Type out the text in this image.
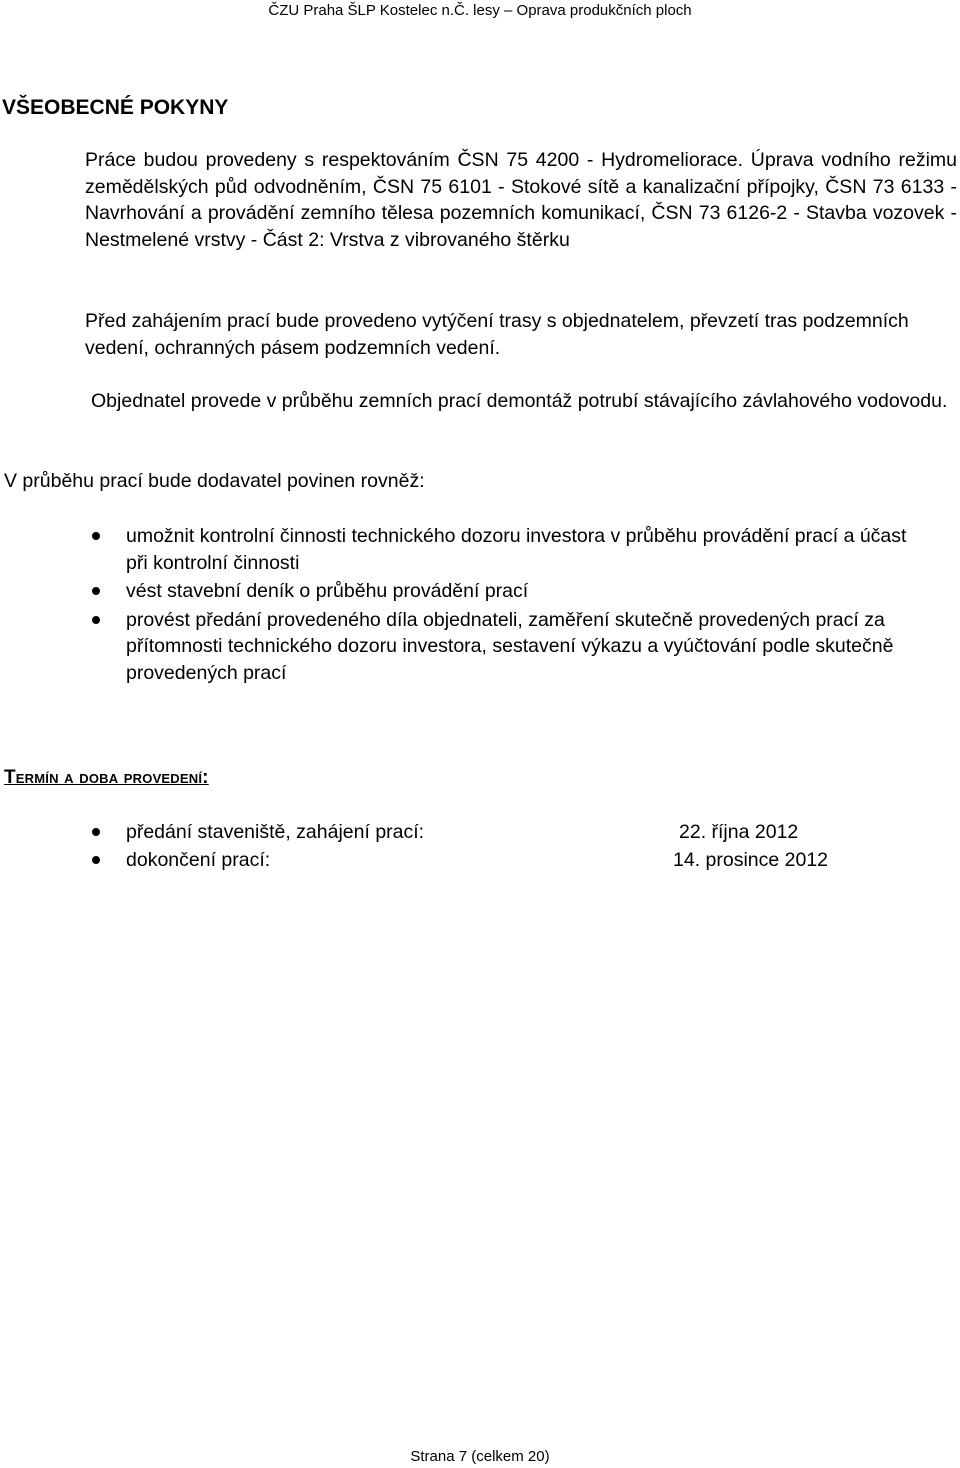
ČZU Praha ŠLP Kostelec n.Č. lesy – Oprava produkčních ploch
VŠEOBECNÉ POKYNY

Práce budou provedeny s respektováním ČSN 75 4200 - Hydromeliorace. Úprava vodního režimu zemědělských půd odvodněním, ČSN 75 6101 - Stokové sítě a kanalizační přípojky, ČSN 73 6133 - Navrhování a provádění zemního tělesa pozemních komunikací, ČSN 73 6126-2 - Stavba vozovek - Nestmelené vrstvy - Část 2: Vrstva z vibrovaného štěrku

Před zahájením prací bude provedeno vytýčení trasy s objednatelem, převzetí tras podzemních vedení, ochranných pásem podzemních vedení.

Objednatel provede v průběhu zemních prací demontáž potrubí stávajícího závlahového vodovodu.

V průběhu prací bude dodavatel povinen rovněž:

umožnit kontrolní činnosti technického dozoru investora v průběhu provádění prací a účast při kontrolní činnosti
vést stavební deník o průběhu provádění prací
provést předání provedeného díla objednateli, zaměření skutečně provedených prací za přítomnosti technického dozoru investora, sestavení výkazu a vyúčtování podle skutečně provedených prací
Termín a doba provedení:
předání staveniště, zahájení prací:	22. října 2012
dokončení prací:	14. prosince 2012
Strana 7 (celkem 20)
